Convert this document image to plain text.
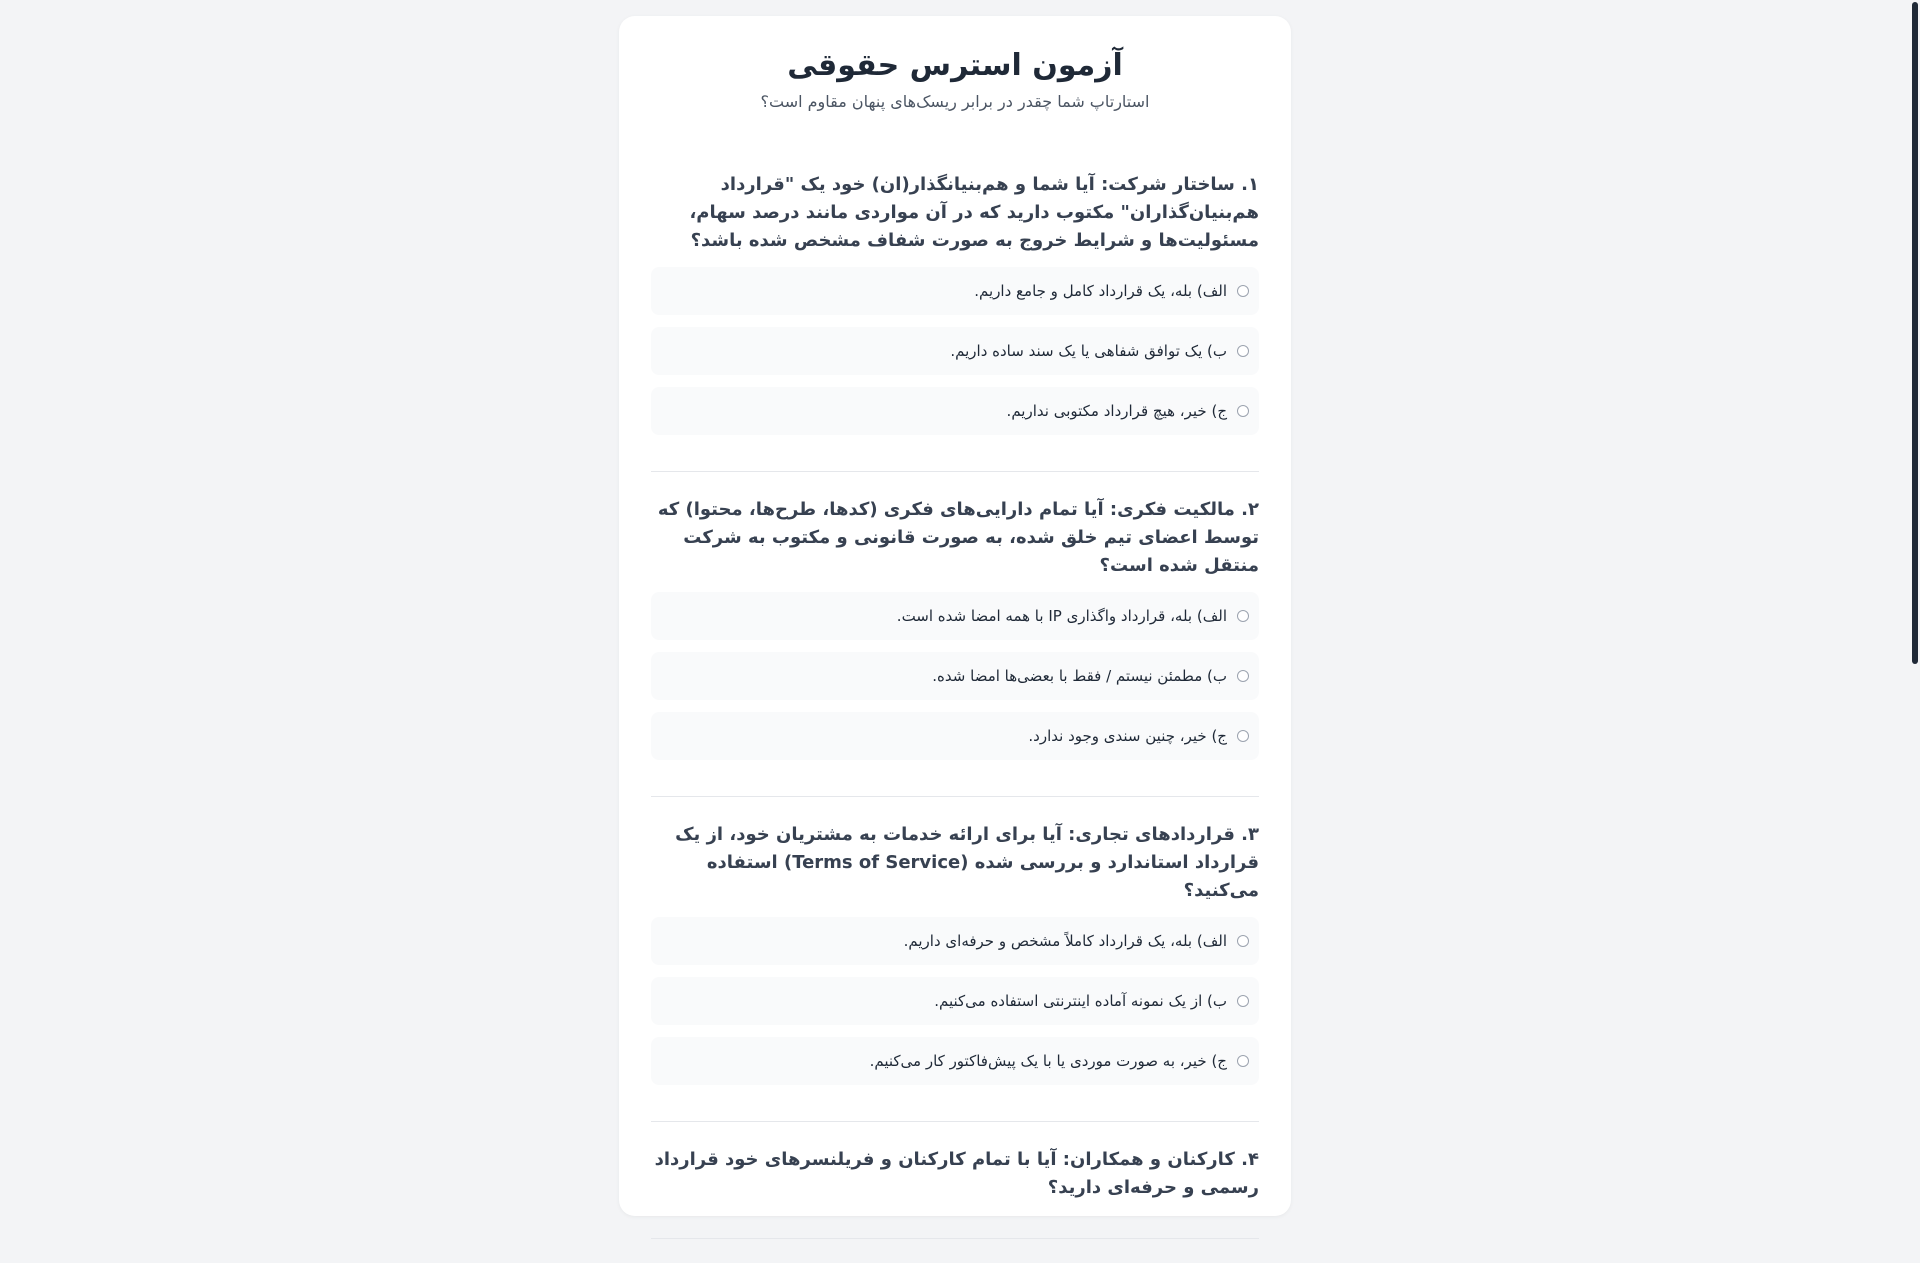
آزمون استرس حقوقی
استارتاپ شما چقدر در برابر ریسک‌های پنهان مقاوم است؟

۱. ساختار شرکت: آیا شما و هم‌بنیانگذار(ان) خود یک "قرارداد هم‌بنیان‌گذاران" مکتوب دارید که در آن مواردی مانند درصد سهام، مسئولیت‌ها و شرایط خروج به صورت شفاف مشخص شده باشد؟

الف) بله، یک قرارداد کامل و جامع داریم.
ب) یک توافق شفاهی یا یک سند ساده داریم.
ج) خیر، هیچ قرارداد مکتوبی نداریم.

۲. مالکیت فکری: آیا تمام دارایی‌های فکری (کدها، طرح‌ها، محتوا) که توسط اعضای تیم خلق شده، به صورت قانونی و مکتوب به شرکت منتقل شده است؟

الف) بله، قرارداد واگذاری IP با همه امضا شده است.
ب) مطمئن نیستم / فقط با بعضی‌ها امضا شده.
ج) خیر، چنین سندی وجود ندارد.

۳. قراردادهای تجاری: آیا برای ارائه خدمات به مشتریان خود، از یک قرارداد استاندارد و بررسی شده (Terms of Service) استفاده می‌کنید؟

الف) بله، یک قرارداد کاملاً مشخص و حرفه‌ای داریم.
ب) از یک نمونه آماده اینترنتی استفاده می‌کنیم.
ج) خیر، به صورت موردی یا با یک پیش‌فاکتور کار می‌کنیم.

۴. کارکنان و همکاران: آیا با تمام کارکنان و فریلنسرهای خود قرارداد رسمی و حرفه‌ای دارید؟
